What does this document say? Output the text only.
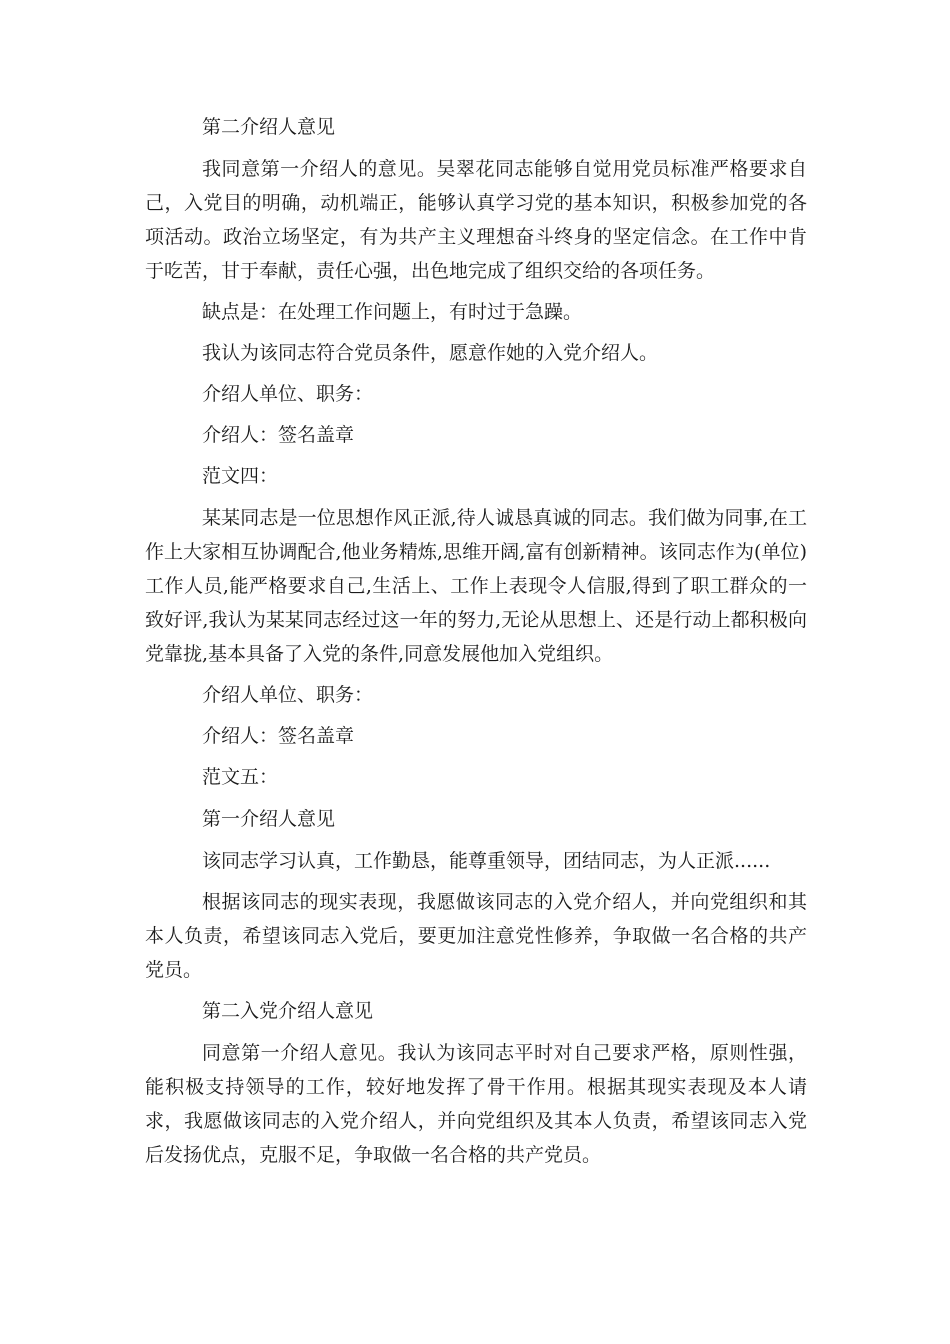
第二介绍人意见

我同意第一介绍人的意见。吴翠花同志能够自觉用党员标准严格要求自己，入党目的明确，动机端正，能够认真学习党的基本知识，积极参加党的各项活动。政治立场坚定，有为共产主义理想奋斗终身的坚定信念。在工作中肯于吃苦，甘于奉献，责任心强，出色地完成了组织交给的各项任务。

缺点是：在处理工作问题上，有时过于急躁。

我认为该同志符合党员条件，愿意作她的入党介绍人。

介绍人单位、职务：

介绍人：签名盖章

范文四：

某某同志是一位思想作风正派,待人诚恳真诚的同志。我们做为同事,在工作上大家相互协调配合,他业务精炼,思维开阔,富有创新精神。该同志作为(单位)工作人员,能严格要求自己,生活上、工作上表现令人信服,得到了职工群众的一致好评,我认为某某同志经过这一年的努力,无论从思想上、还是行动上都积极向党靠拢,基本具备了入党的条件,同意发展他加入党组织。

介绍人单位、职务：

介绍人：签名盖章

范文五：

第一介绍人意见

该同志学习认真，工作勤恳，能尊重领导，团结同志，为人正派......

根据该同志的现实表现，我愿做该同志的入党介绍人，并向党组织和其本人负责，希望该同志入党后，要更加注意党性修养，争取做一名合格的共产党员。

第二入党介绍人意见

同意第一介绍人意见。我认为该同志平时对自己要求严格，原则性强，能积极支持领导的工作，较好地发挥了骨干作用。根据其现实表现及本人请求，我愿做该同志的入党介绍人，并向党组织及其本人负责，希望该同志入党后发扬优点，克服不足，争取做一名合格的共产党员。
